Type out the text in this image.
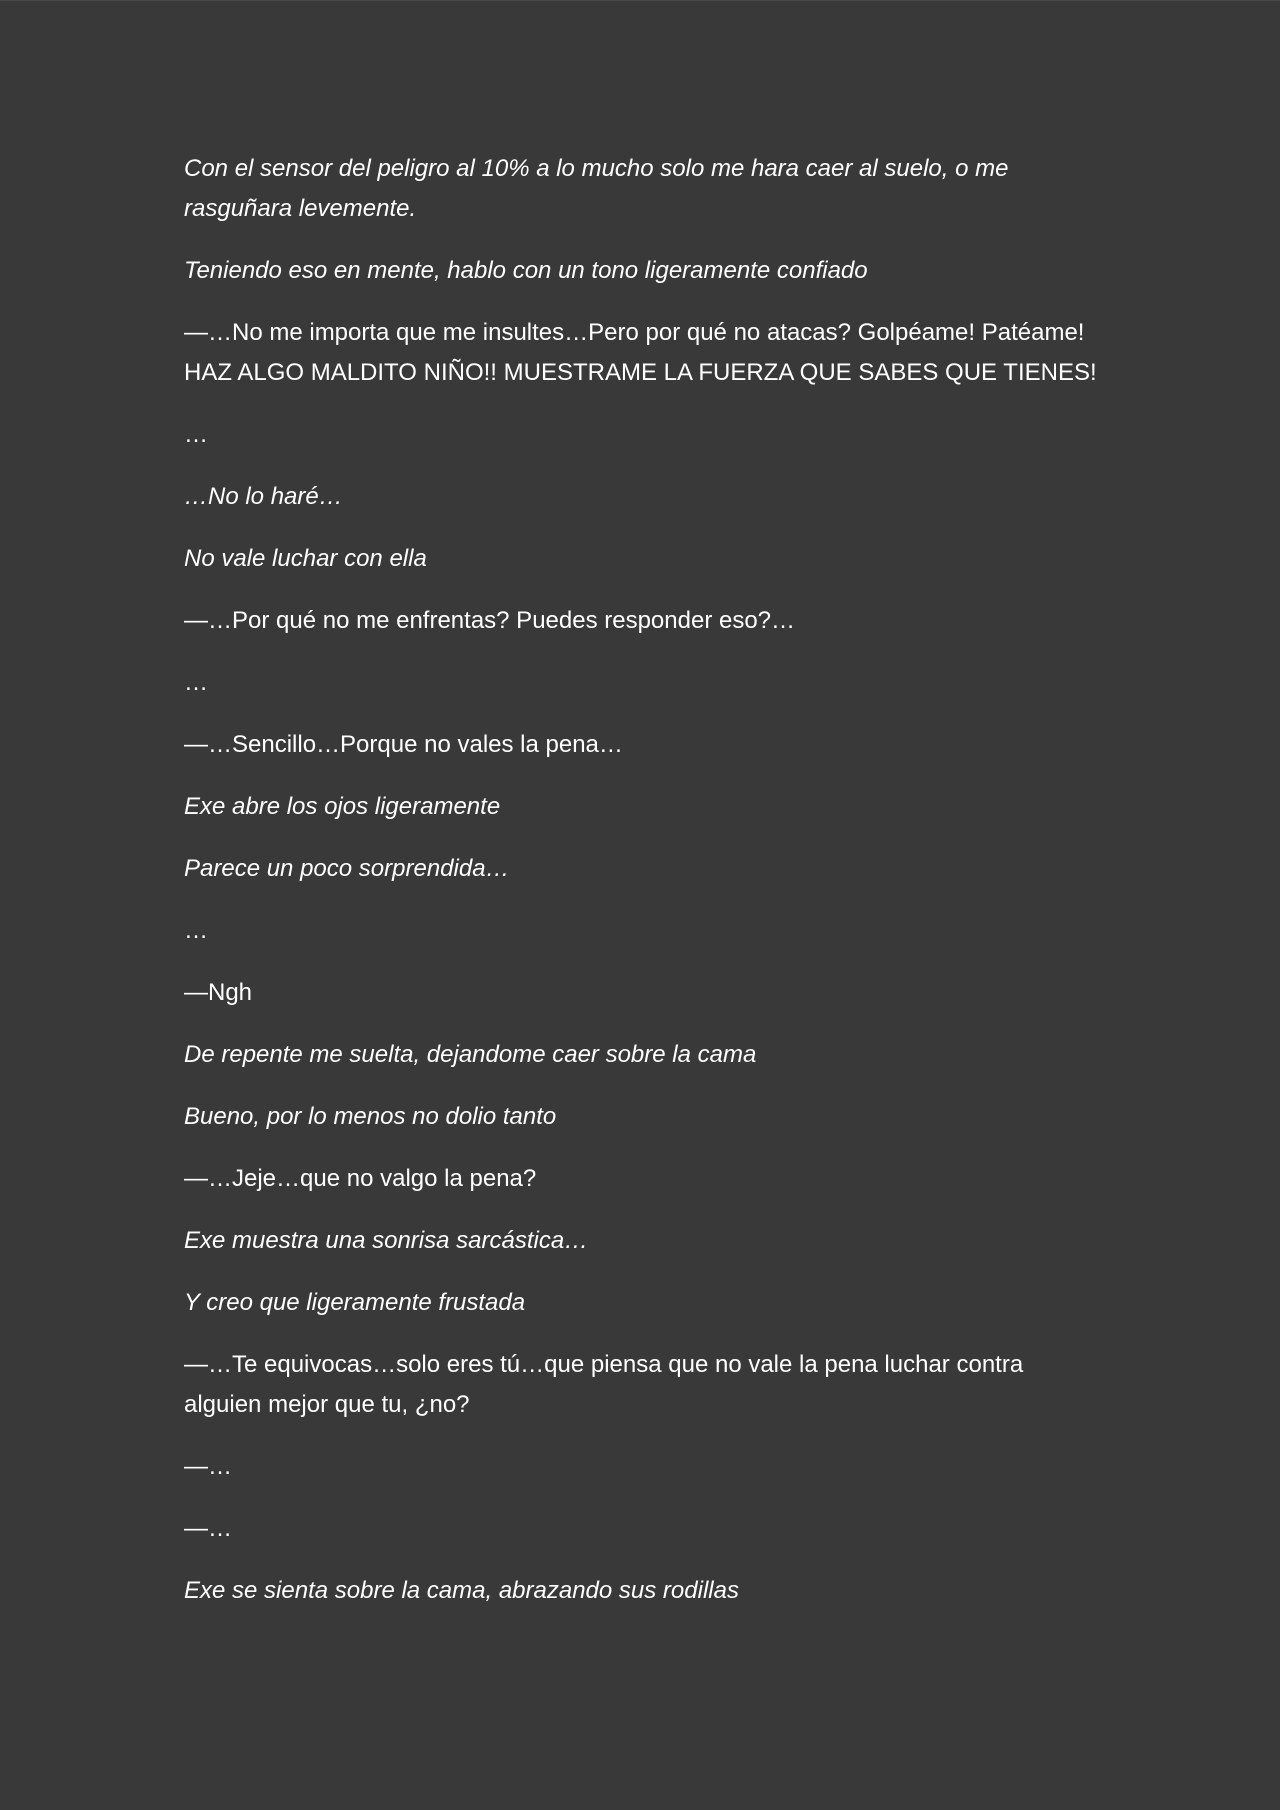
Con el sensor del peligro al 10% a lo mucho solo me hara caer al suelo, o me rasguñara levemente.

Teniendo eso en mente, hablo con un tono ligeramente confiado

—…No me importa que me insultes…Pero por qué no atacas? Golpéame! Patéame! HAZ ALGO MALDITO NIÑO!! MUESTRAME LA FUERZA QUE SABES QUE TIENES!

…

…No lo haré…

No vale luchar con ella

—…Por qué no me enfrentas? Puedes responder eso?…

…

—…Sencillo…Porque no vales la pena…

Exe abre los ojos ligeramente

Parece un poco sorprendida…

…

—Ngh

De repente me suelta, dejandome caer sobre la cama

Bueno, por lo menos no dolio tanto

—…Jeje…que no valgo la pena?

Exe muestra una sonrisa sarcástica…

Y creo que ligeramente frustada

—…Te equivocas…solo eres tú…que piensa que no vale la pena luchar contra alguien mejor que tu, ¿no?

—…

—…

Exe se sienta sobre la cama, abrazando sus rodillas
